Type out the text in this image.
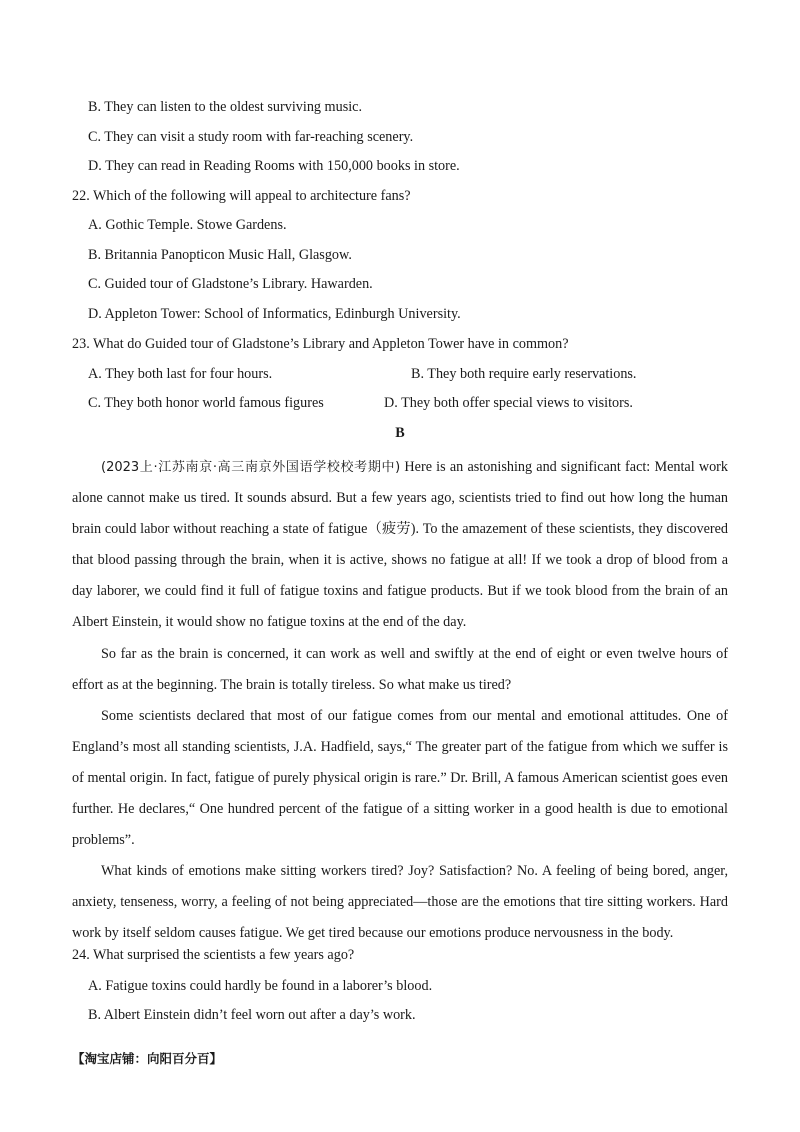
B. They can listen to the oldest surviving music.
C. They can visit a study room with far-reaching scenery.
D. They can read in Reading Rooms with 150,000 books in store.
22. Which of the following will appeal to architecture fans?
A. Gothic Temple. Stowe Gardens.
B. Britannia Panopticon Music Hall, Glasgow.
C. Guided tour of Gladstone’s Library. Hawarden.
D. Appleton Tower: School of Informatics, Edinburgh University.
23. What do Guided tour of Gladstone’s Library and Appleton Tower have in common?
A. They both last for four hours.	B. They both require early reservations.
C. They both honor world famous figures	D. They both offer special views to visitors.
B

(2023上·江苏南京·高三南京外国语学校校考期中) Here is an astonishing and significant fact: Mental work alone cannot make us tired. It sounds absurd. But a few years ago, scientists tried to find out how long the human brain could labor without reaching a state of fatigue（疲劳). To the amazement of these scientists, they discovered that blood passing through the brain, when it is active, shows no fatigue at all! If we took a drop of blood from a day laborer, we could find it full of fatigue toxins and fatigue products. But if we took blood from the brain of an Albert Einstein, it would show no fatigue toxins at the end of the day.

So far as the brain is concerned, it can work as well and swiftly at the end of eight or even twelve hours of effort as at the beginning. The brain is totally tireless. So what make us tired?

Some scientists declared that most of our fatigue comes from our mental and emotional attitudes. One of England’s most all standing scientists, J.A. Hadfield, says,“ The greater part of the fatigue from which we suffer is of mental origin. In fact, fatigue of purely physical origin is rare.” Dr. Brill, A famous American scientist goes even further. He declares,“ One hundred percent of the fatigue of a sitting worker in a good health is due to emotional problems”.

What kinds of emotions make sitting workers tired? Joy? Satisfaction? No. A feeling of being bored, anger, anxiety, tenseness, worry, a feeling of not being appreciated—those are the emotions that tire sitting workers. Hard work by itself seldom causes fatigue. We get tired because our emotions produce nervousness in the body.

24. What surprised the scientists a few years ago?
A. Fatigue toxins could hardly be found in a laborer’s blood.
B. Albert Einstein didn’t feel worn out after a day’s work.
【淘宝店铺：向阳百分百】
